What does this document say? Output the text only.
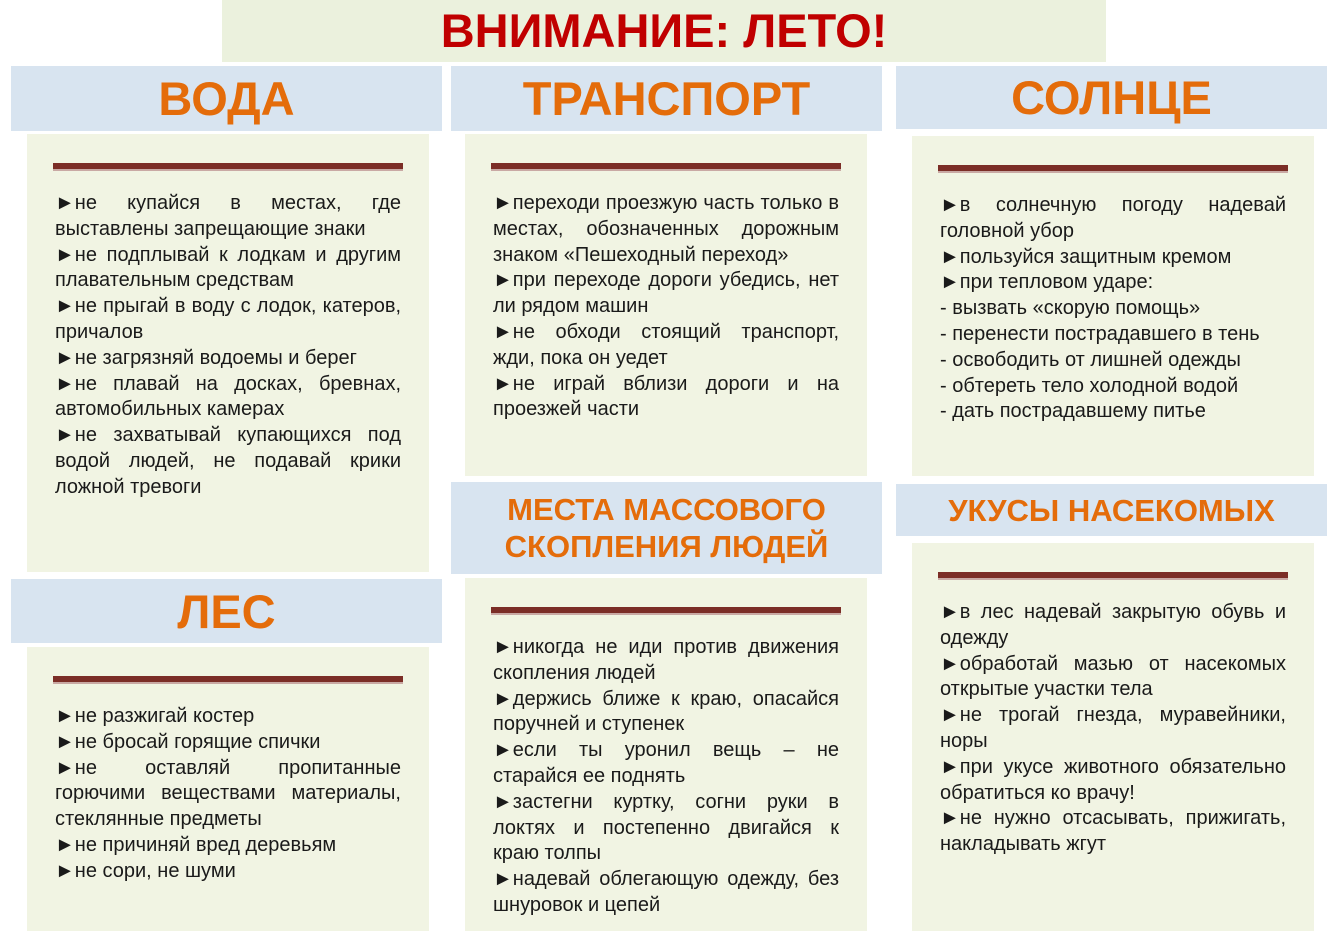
ВНИМАНИЕ: ЛЕТО!
ВОДА
►не купайся в местах, где выставлены запрещающие знаки
►не подплывай к лодкам и другим плавательным средствам
►не прыгай в воду с лодок, катеров, причалов
►не загрязняй водоемы и берег
►не плавай на досках, бревнах, автомобильных камерах
►не захватывай купающихся под водой людей, не подавай крики ложной тревоги
ТРАНСПОРТ
►переходи проезжую часть только в местах, обозначенных дорожным знаком «Пешеходный переход»
►при переходе дороги убедись, нет ли рядом машин
►не обходи стоящий транспорт, жди, пока он уедет
►не играй вблизи дороги и на проезжей части
СОЛНЦЕ
►в солнечную погоду надевай головной убор
►пользуйся защитным кремом
►при тепловом ударе:
- вызвать «скорую помощь»
- перенести пострадавшего в тень
- освободить от лишней одежды
- обтереть тело холодной водой
- дать пострадавшему питье
ЛЕС
►не разжигай костер
►не бросай горящие спички
►не оставляй пропитанные горючими веществами материалы, стеклянные предметы
►не причиняй вред деревьям
►не сори, не шуми
МЕСТА МАССОВОГО
СКОПЛЕНИЯ ЛЮДЕЙ
►никогда не иди против движения скопления людей
►держись ближе к краю, опасайся поручней и ступенек
►если ты уронил вещь – не старайся ее поднять
►застегни куртку, согни руки в локтях и постепенно двигайся к краю толпы
►надевай облегающую одежду, без шнуровок и цепей
УКУСЫ НАСЕКОМЫХ
►в лес надевай закрытую обувь и одежду
►обработай мазью от насекомых открытые участки тела
►не трогай гнезда, муравейники, норы
►при укусе животного обязательно обратиться ко врачу!
►не нужно отсасывать, прижигать, накладывать жгут
